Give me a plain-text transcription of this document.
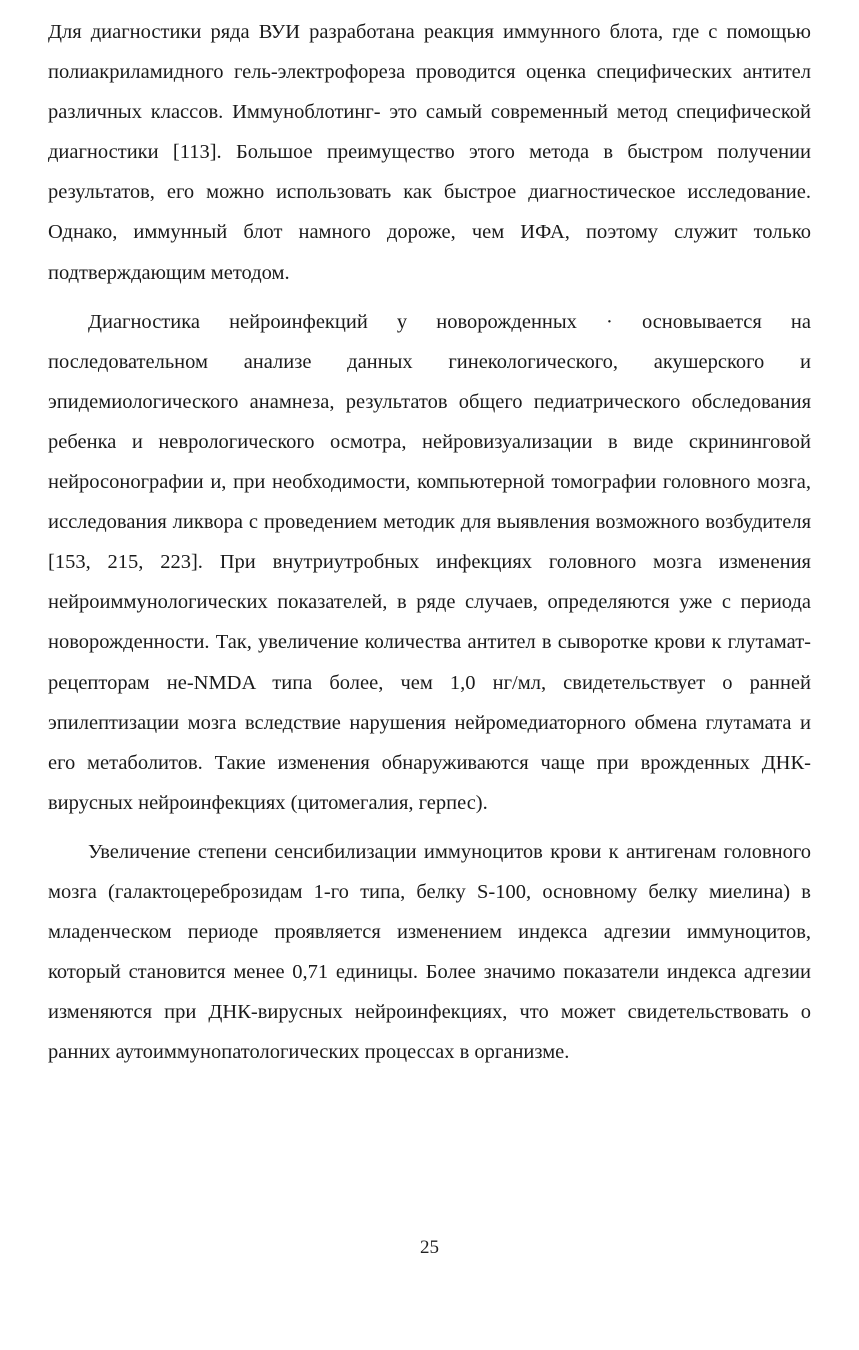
Для диагностики ряда ВУИ разработана реакция иммунного блота, где с помощью полиакриламидного гель-электрофореза проводится оценка специфических антител различных классов. Иммуноблотинг- это самый современный метод специфической диагностики [113]. Большое преимущество этого метода в быстром получении результатов, его можно использовать как быстрое диагностическое исследование. Однако, иммунный блот намного дороже, чем ИФА, поэтому служит только подтверждающим методом.

Диагностика нейроинфекций у новорожденных · основывается на последовательном анализе данных гинекологического, акушерского и эпидемиологического анамнеза, результатов общего педиатрического обследования ребенка и неврологического осмотра, нейровизуализации в виде скрининговой нейросонографии и, при необходимости, компьютерной томографии головного мозга, исследования ликвора с проведением методик для выявления возможного возбудителя [153, 215, 223]. При внутриутробных инфекциях головного мозга изменения нейроиммунологических показателей, в ряде случаев, определяются уже с периода новорожденности. Так, увеличение количества антител в сыворотке крови к глутамат-рецепторам не-NMDA типа более, чем 1,0 нг/мл, свидетельствует о ранней эпилептизации мозга вследствие нарушения нейромедиаторного обмена глутамата и его метаболитов. Такие изменения обнаруживаются чаще при врожденных ДНК-вирусных нейроинфекциях (цитомегалия, герпес).

Увеличение степени сенсибилизации иммуноцитов крови к антигенам головного мозга (галактоцереброзидам 1-го типа, белку S-100, основному белку миелина) в младенческом периоде проявляется изменением индекса адгезии иммуноцитов, который становится менее 0,71 единицы. Более значимо показатели индекса адгезии изменяются при ДНК-вирусных нейроинфекциях, что может свидетельствовать о ранних аутоиммунопатологических процессах в организме.

25
